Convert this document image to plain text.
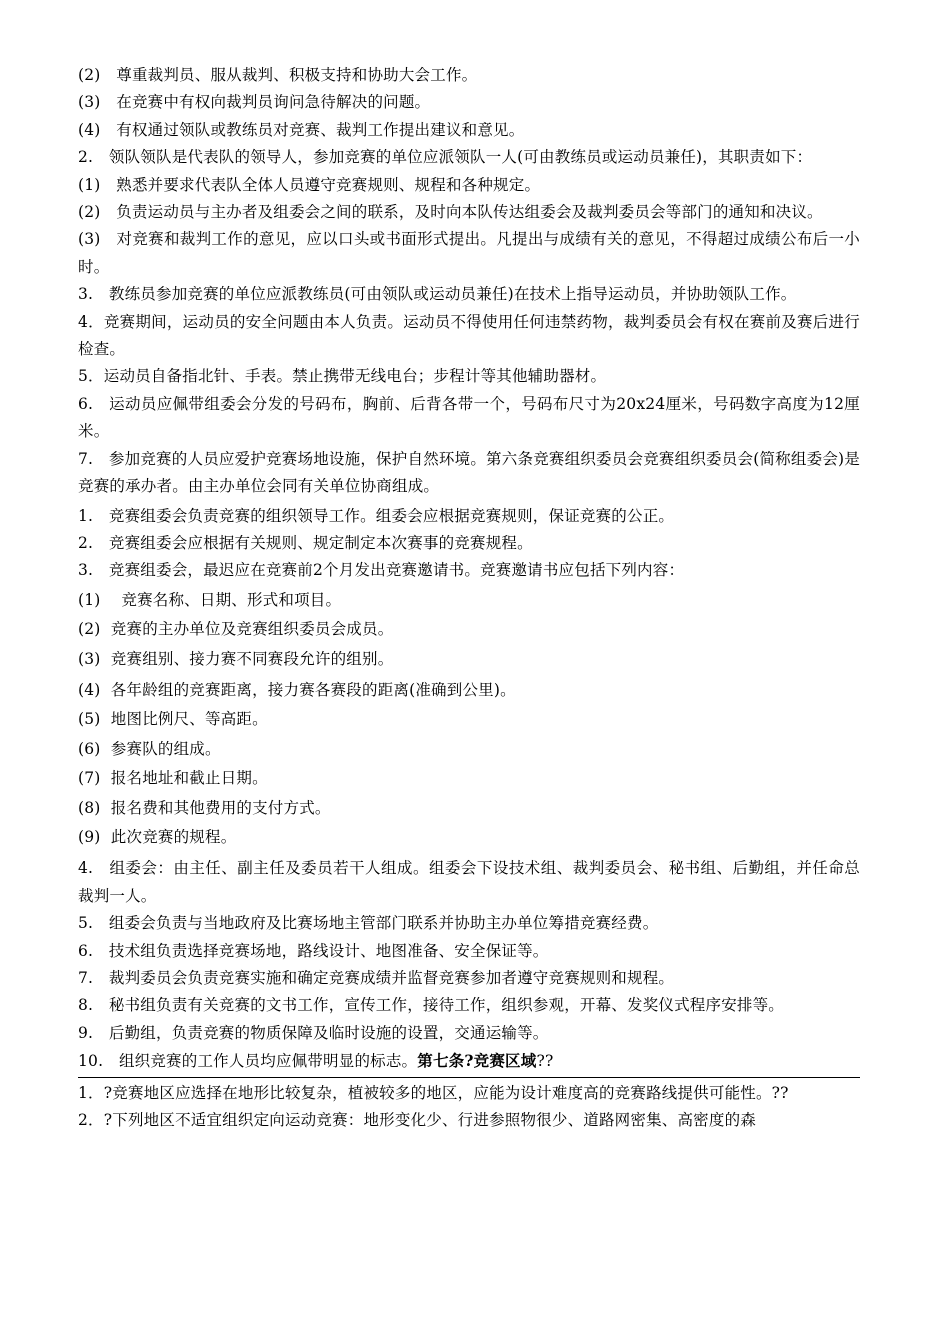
(2)　尊重裁判员、服从裁判、积极支持和协助大会工作。

(3)　在竞赛中有权向裁判员询问急待解决的问题。

(4)　有权通过领队或教练员对竞赛、裁判工作提出建议和意见。

2.　领队领队是代表队的领导人，参加竞赛的单位应派领队一人(可由教练员或运动员兼任)，其职责如下：

(1)　熟悉并要求代表队全体人员遵守竞赛规则、规程和各种规定。

(2)　负责运动员与主办者及组委会之间的联系，及时向本队传达组委会及裁判委员会等部门的通知和决议。

(3)　对竞赛和裁判工作的意见，应以口头或书面形式提出。凡提出与成绩有关的意见，不得超过成绩公布后一小时。

3.　教练员参加竞赛的单位应派教练员(可由领队或运动员兼任)在技术上指导运动员，并协助领队工作。

4．竞赛期间，运动员的安全问题由本人负责。运动员不得使用任何违禁药物，裁判委员会有权在赛前及赛后进行检查。

5．运动员自备指北针、手表。禁止携带无线电台；步程计等其他辅助器材。

6.　运动员应佩带组委会分发的号码布，胸前、后背各带一个，号码布尺寸为20x24厘米，号码数字高度为12厘米。

7.　参加竞赛的人员应爱护竞赛场地设施，保护自然环境。第六条竞赛组织委员会竞赛组织委员会(简称组委会)是竞赛的承办者。由主办单位会同有关单位协商组成。

1.　竞赛组委会负责竞赛的组织领导工作。组委会应根据竞赛规则，保证竞赛的公正。

2.　竞赛组委会应根据有关规则、规定制定本次赛事的竞赛规程。

3.　竞赛组委会，最迟应在竞赛前2个月发出竞赛邀请书。竞赛邀请书应包括下列内容：

(1)　 竞赛名称、日期、形式和项目。

(2)  竞赛的主办单位及竞赛组织委员会成员。

(3)  竞赛组别、接力赛不同赛段允许的组别。

(4)  各年龄组的竞赛距离，接力赛各赛段的距离(准确到公里)。

(5)  地图比例尺、等高距。

(6)  参赛队的组成。

(7)  报名地址和截止日期。

(8)  报名费和其他费用的支付方式。

(9)  此次竞赛的规程。

4.　组委会：由主任、副主任及委员若干人组成。组委会下设技术组、裁判委员会、秘书组、后勤组，并任命总裁判一人。

5.　组委会负责与当地政府及比赛场地主管部门联系并协助主办单位筹措竞赛经费。

6.　技术组负责选择竞赛场地，路线设计、地图准备、安全保证等。

7.　裁判委员会负责竞赛实施和确定竞赛成绩并监督竞赛参加者遵守竞赛规则和规程。

8.　秘书组负责有关竞赛的文书工作，宣传工作，接待工作，组织参观，开幕、发奖仪式程序安排等。

9.　后勤组，负责竞赛的物质保障及临时设施的设置，交通运输等。

10.　组织竞赛的工作人员均应佩带明显的标志。第七条?竞赛区域??

1．?竞赛地区应选择在地形比较复杂，植被较多的地区，应能为设计难度高的竞赛路线提供可能性。??

2．?下列地区不适宜组织定向运动竞赛：地形变化少、行进参照物很少、道路网密集、高密度的森
